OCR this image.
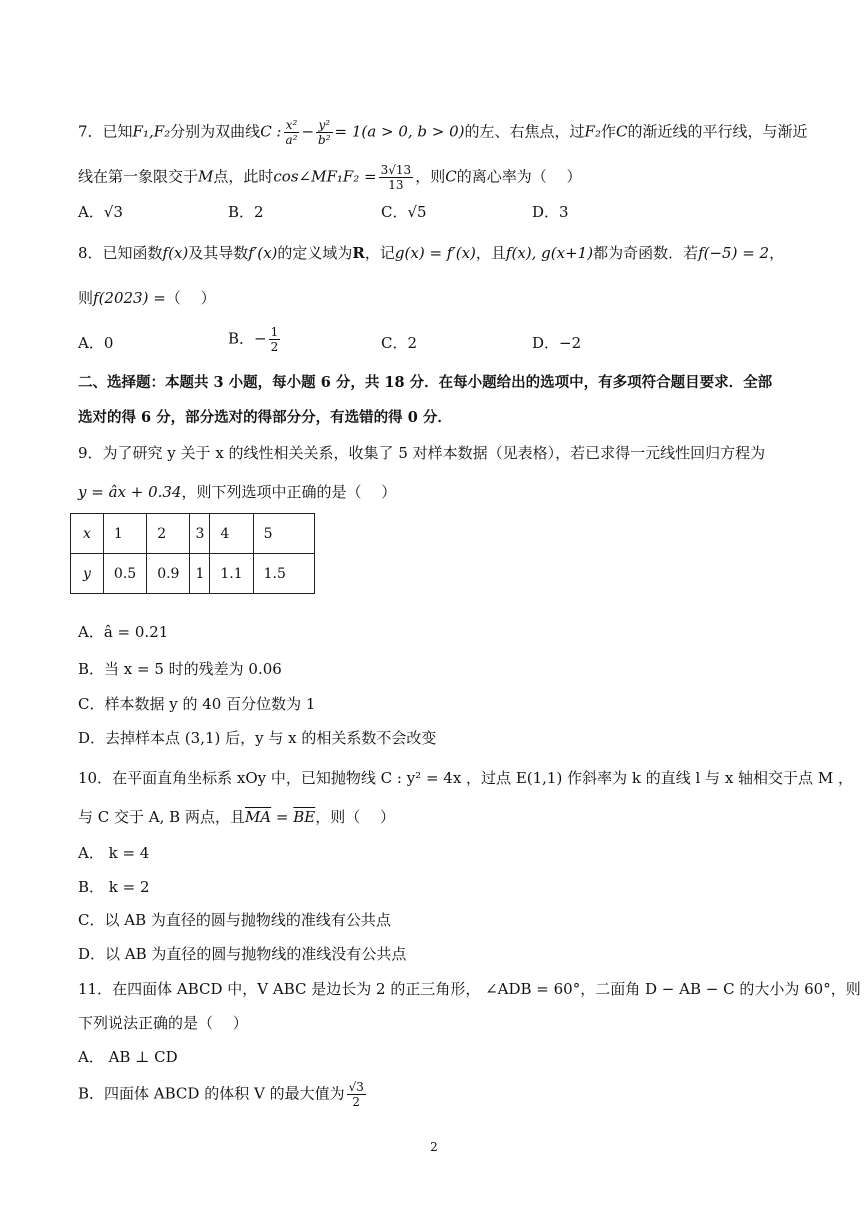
7．已知F₁,F₂分别为双曲线C : $\frac{\text{x²}}{\text{a²}} - \frac{\text{y²}}{\text{b²}} = 1(a > 0$, b > 0)的左、右焦点，过F₂作C的渐近线的平行线，与渐近
线在第一象限交于M点，此时cos∠MF₁F₂ = $\frac{3√13}{13}$ ，则C的离心率为（　 ）
A．√3	B．2	C．√5	D．3
8．已知函数f(x)及其导数f′(x)的定义域为R，记g(x) = f′(x)，且f(x), g(x+1)都为奇函数．若f(−5) = 2，
则f(2023) =（　 ）
A．0	B．− $\frac{1}{2}$	C．2	D．−2
二、选择题：本题共 3 小题，每小题 6 分，共 18 分．在每小题给出的选项中，有多项符合题目要求．全部
选对的得 6 分，部分选对的得部分分，有选错的得 0 分．
9．为了研究 y 关于 x 的线性相关关系，收集了 5 对样本数据（见表格），若已求得一元线性回归方程为
y = âx + 0.34，则下列选项中正确的是（　 ）
x	1	2	3	4	5
y	0.5	0.9	1	1.1	1.5
A．â = 0.21
B．当 x = 5 时的残差为 0.06
C．样本数据 y 的 40 百分位数为 1
D．去掉样本点 (3,1) 后，y 与 x 的相关系数不会改变
10．在平面直角坐标系 xOy 中，已知抛物线 C : y² = 4x ，过点 E(1,1) 作斜率为 k 的直线 l 与 x 轴相交于点 M ，
与 C 交于 A, B 两点，且$\overline{MA} = \overline{BE}$，则（　 ）
A． k = 4
B． k = 2
C．以 AB 为直径的圆与抛物线的准线有公共点
D．以 AB 为直径的圆与抛物线的准线没有公共点
11．在四面体 ABCD 中，V ABC 是边长为 2 的正三角形， ∠ADB = 60°，二面角 D − AB − C 的大小为 60°，则
下列说法正确的是（　 ）
A． AB ⊥ CD
B．四面体 ABCD 的体积 V 的最大值为 $\frac{√3}{2}$
2
